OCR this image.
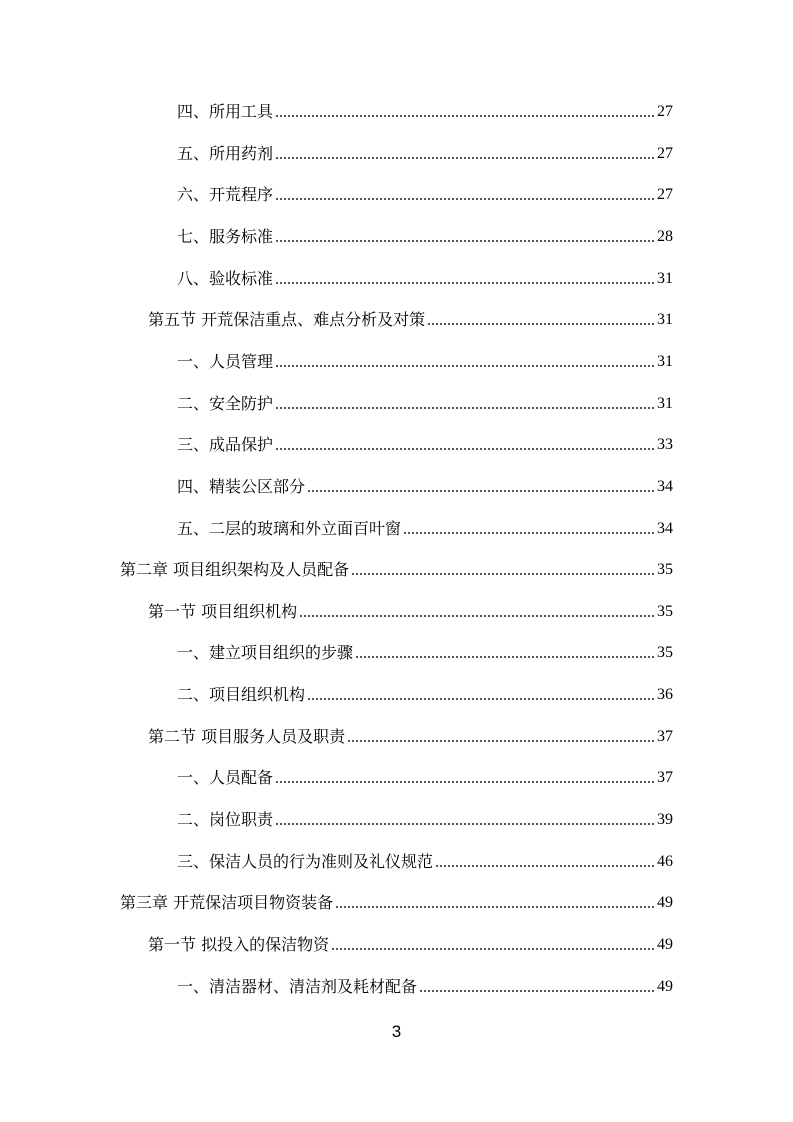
四、所用工具	27
五、所用药剂	27
六、开荒程序	27
七、服务标准	28
八、验收标准	31
第五节 开荒保洁重点、难点分析及对策	31
一、人员管理	31
二、安全防护	31
三、成品保护	33
四、精装公区部分	34
五、二层的玻璃和外立面百叶窗	34
第二章 项目组织架构及人员配备	35
第一节 项目组织机构	35
一、建立项目组织的步骤	35
二、项目组织机构	36
第二节 项目服务人员及职责	37
一、人员配备	37
二、岗位职责	39
三、保洁人员的行为准则及礼仪规范	46
第三章 开荒保洁项目物资装备	49
第一节 拟投入的保洁物资	49
一、清洁器材、清洁剂及耗材配备	49
3
